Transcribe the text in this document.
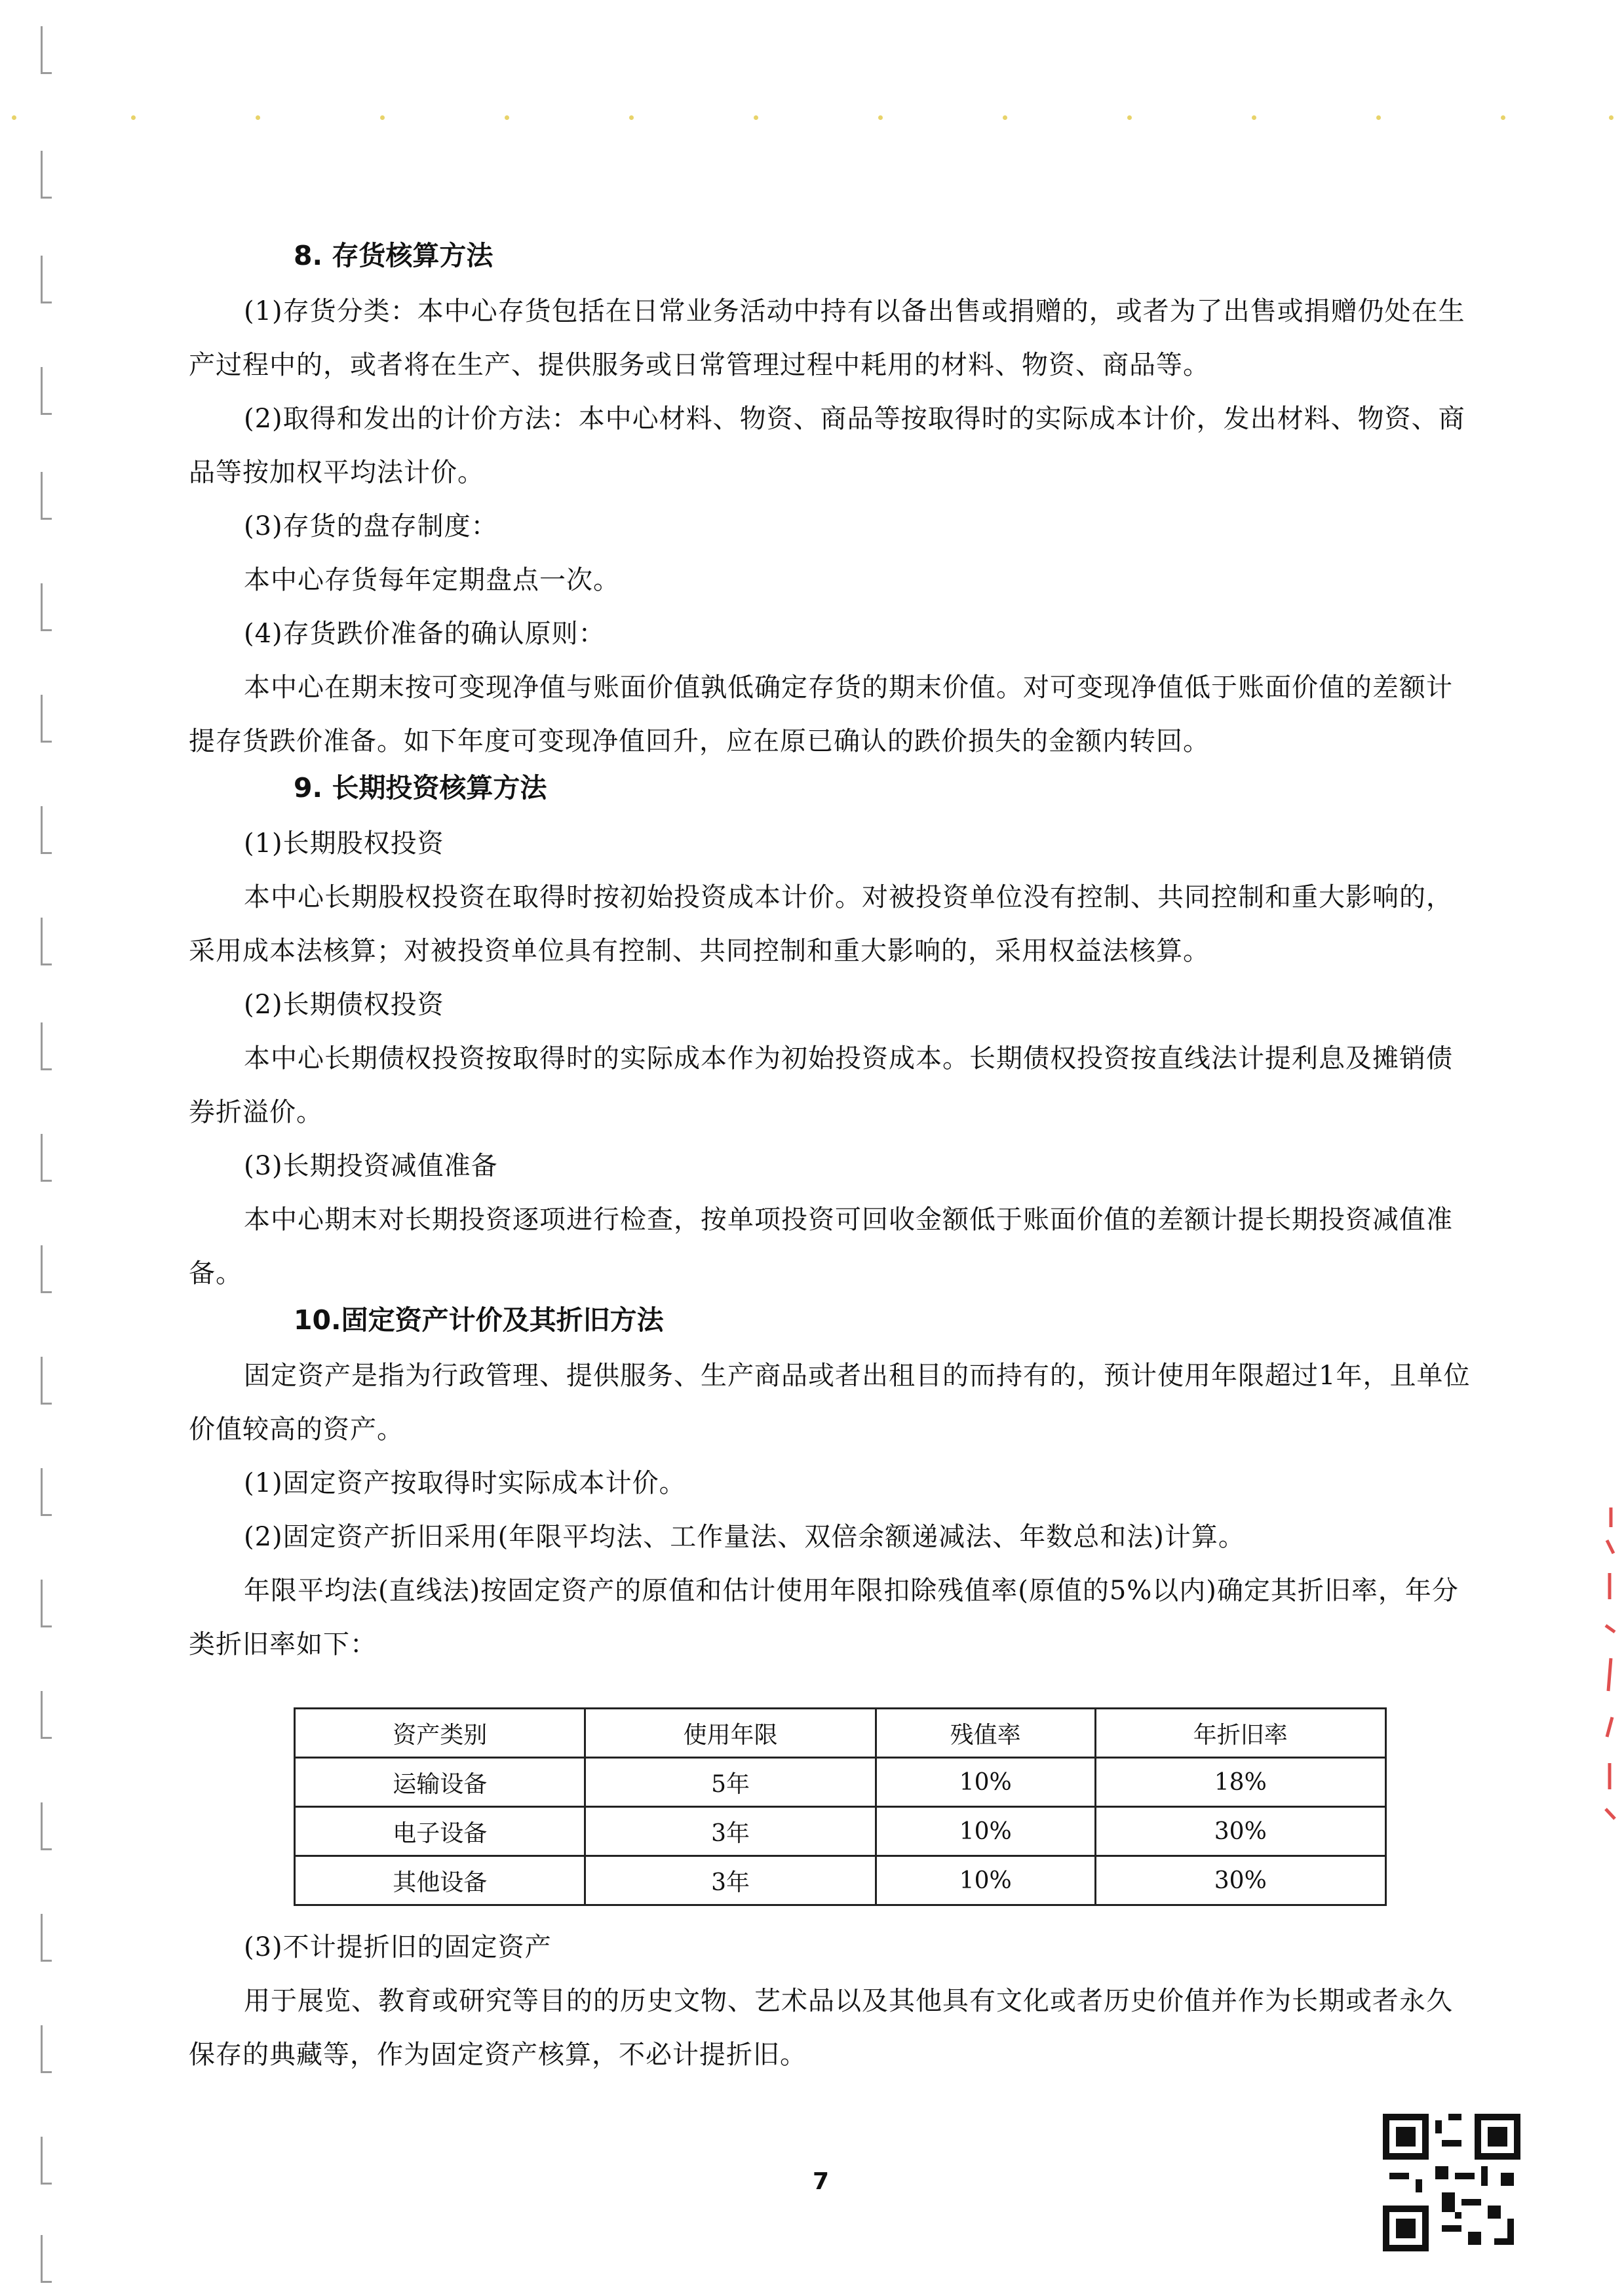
8. 存货核算方法

(1)存货分类：本中心存货包括在日常业务活动中持有以备出售或捐赠的，或者为了出售或捐赠仍处在生产过程中的，或者将在生产、提供服务或日常管理过程中耗用的材料、物资、商品等。

(2)取得和发出的计价方法：本中心材料、物资、商品等按取得时的实际成本计价，发出材料、物资、商品等按加权平均法计价。

(3)存货的盘存制度：

本中心存货每年定期盘点一次。

(4)存货跌价准备的确认原则：

本中心在期末按可变现净值与账面价值孰低确定存货的期末价值。对可变现净值低于账面价值的差额计提存货跌价准备。如下年度可变现净值回升，应在原已确认的跌价损失的金额内转回。

9. 长期投资核算方法

(1)长期股权投资

本中心长期股权投资在取得时按初始投资成本计价。对被投资单位没有控制、共同控制和重大影响的，采用成本法核算；对被投资单位具有控制、共同控制和重大影响的，采用权益法核算。

(2)长期债权投资

本中心长期债权投资按取得时的实际成本作为初始投资成本。长期债权投资按直线法计提利息及摊销债券折溢价。

(3)长期投资减值准备

本中心期末对长期投资逐项进行检查，按单项投资可回收金额低于账面价值的差额计提长期投资减值准备。

10.固定资产计价及其折旧方法

固定资产是指为行政管理、提供服务、生产商品或者出租目的而持有的，预计使用年限超过1年，且单位价值较高的资产。

(1)固定资产按取得时实际成本计价。

(2)固定资产折旧采用(年限平均法、工作量法、双倍余额递减法、年数总和法)计算。

年限平均法(直线法)按固定资产的原值和估计使用年限扣除残值率(原值的5%以内)确定其折旧率，年分类折旧率如下：

资产类别	使用年限	残值率	年折旧率
运输设备	5年	10%	18%
电子设备	3年	10%	30%
其他设备	3年	10%	30%

(3)不计提折旧的固定资产

用于展览、教育或研究等目的的历史文物、艺术品以及其他具有文化或者历史价值并作为长期或者永久保存的典藏等，作为固定资产核算，不必计提折旧。

7
